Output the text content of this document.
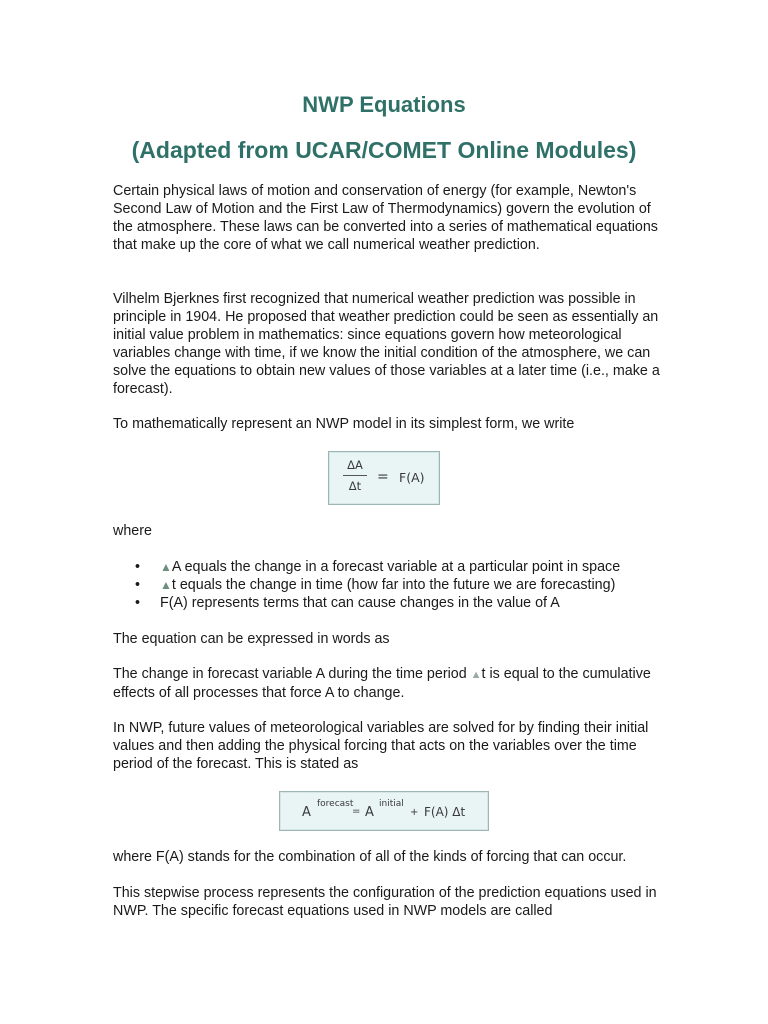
NWP Equations
(Adapted from UCAR/COMET Online Modules)

Certain physical laws of motion and conservation of energy (for example, Newton's Second Law of Motion and the First Law of Thermodynamics) govern the evolution of the atmosphere. These laws can be converted into a series of mathematical equations that make up the core of what we call numerical weather prediction.

Vilhelm Bjerknes first recognized that numerical weather prediction was possible in principle in 1904. He proposed that weather prediction could be seen as essentially an initial value problem in mathematics: since equations govern how meteorological variables change with time, if we know the initial condition of the atmosphere, we can solve the equations to obtain new values of those variables at a later time (i.e., make a forecast).

To mathematically represent an NWP model in its simplest form, we write

ΔA
Δt
= F(A)

where

• ▲A equals the change in a forecast variable at a particular point in space
• ▲t equals the change in time (how far into the future we are forecasting)
• F(A) represents terms that can cause changes in the value of A

The equation can be expressed in words as

The change in forecast variable A during the time period ▲t is equal to the cumulative effects of all processes that force A to change.

In NWP, future values of meteorological variables are solved for by finding their initial values and then adding the physical forcing that acts on the variables over the time period of the forecast. This is stated as

A
forecast
= A
initial
+ F(A) Δt

where F(A) stands for the combination of all of the kinds of forcing that can occur.

This stepwise process represents the configuration of the prediction equations used in NWP. The specific forecast equations used in NWP models are called
